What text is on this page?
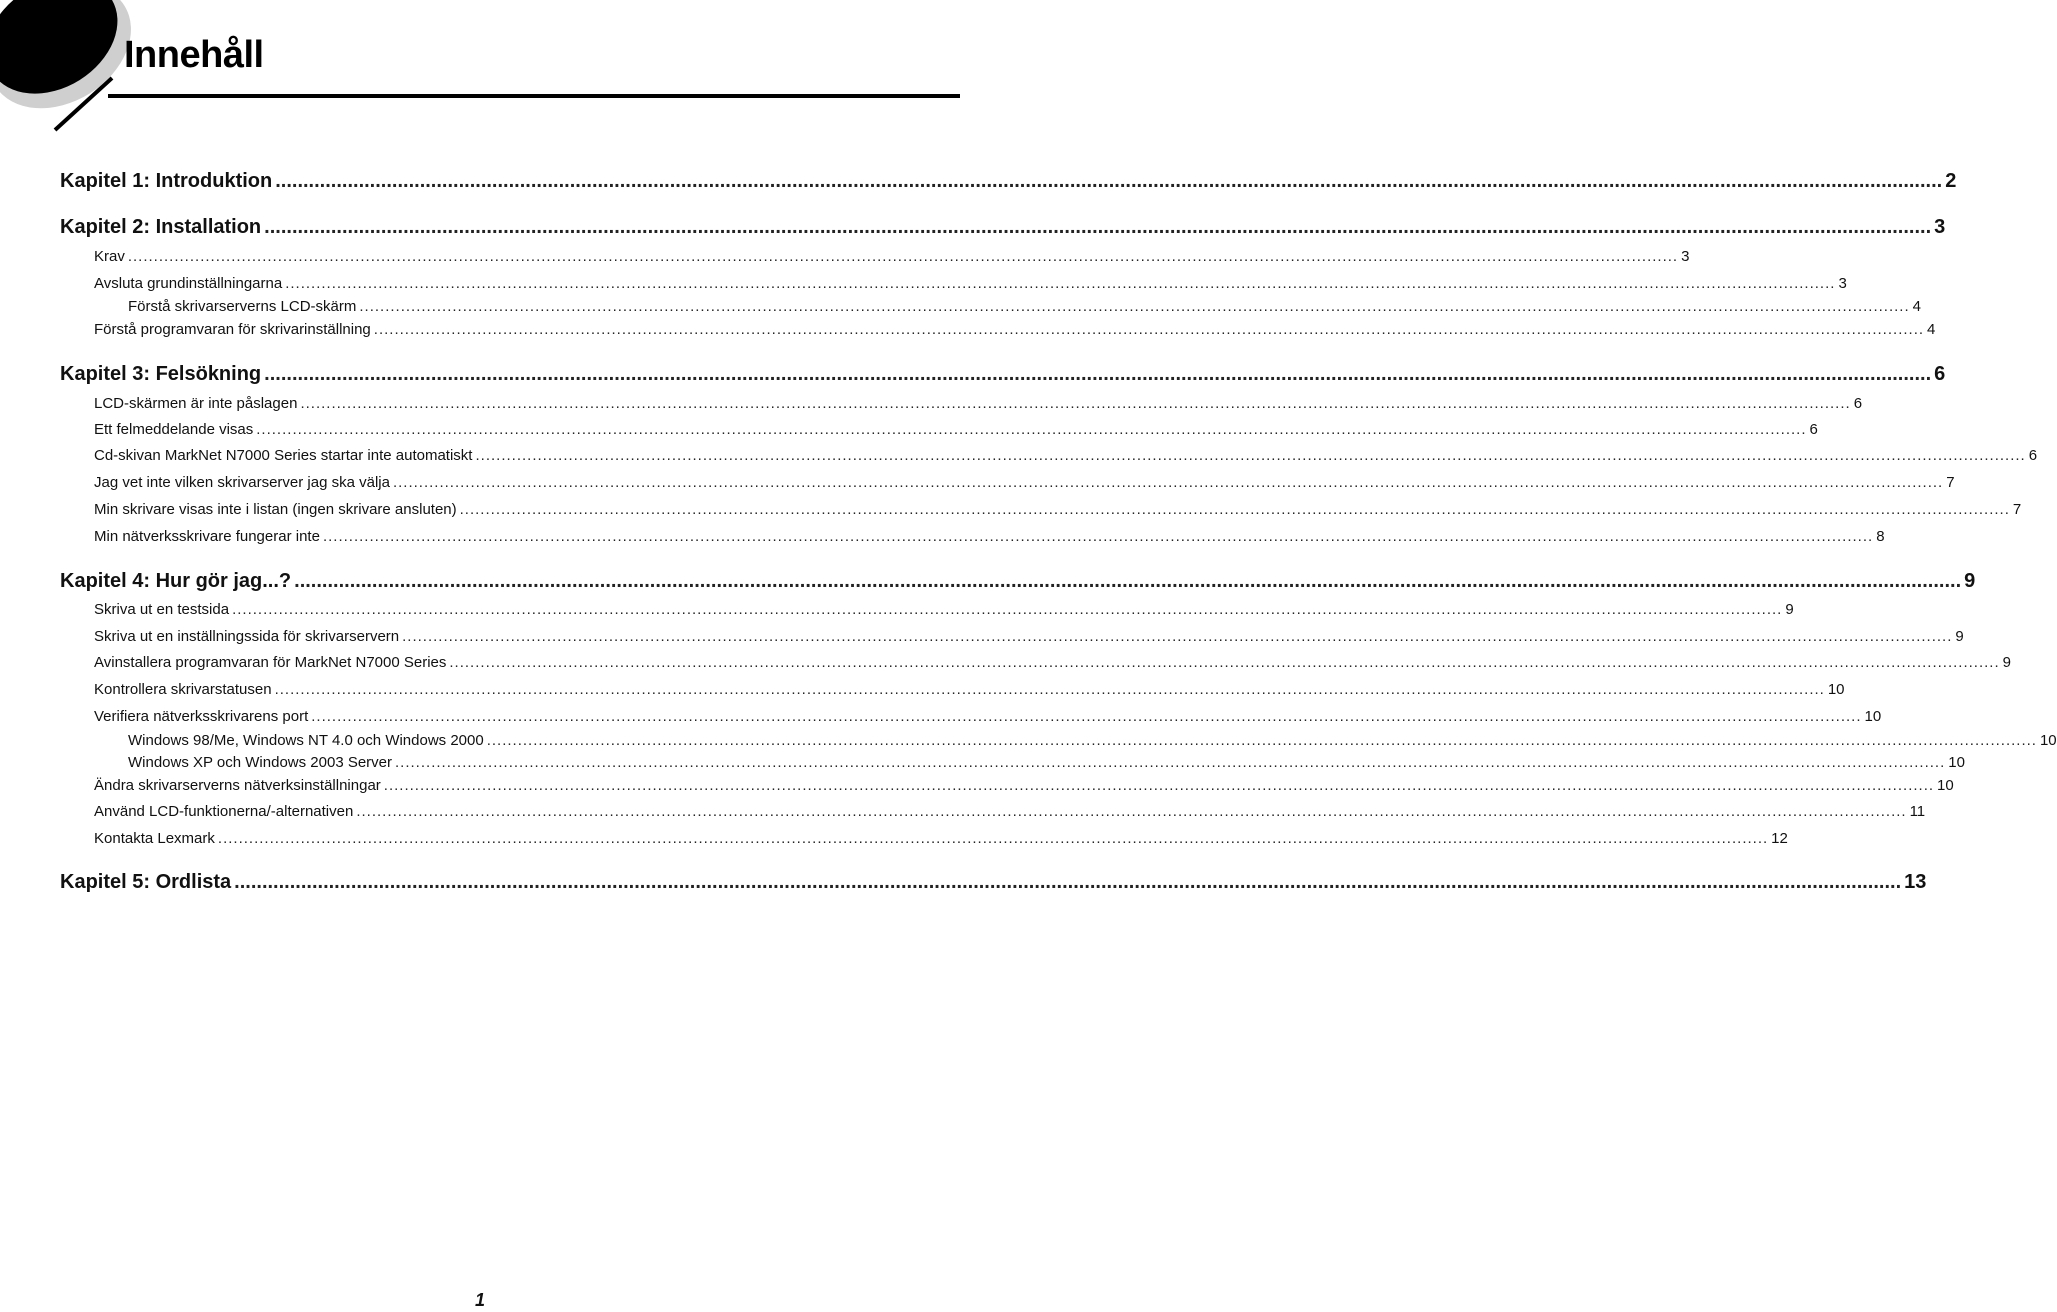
Innehåll
Kapitel 1: Introduktion ............................................................................................................................................................................................................................................................................................................ 2
Kapitel 2: Installation ............................................................................................................................................................................................................................................................................................................ 3
Krav ............................................................................................................................................................................................................................................................................................................ 3
Avsluta grundinställningarna ............................................................................................................................................................................................................................................................................................................ 3
Förstå skrivarserverns LCD-skärm ............................................................................................................................................................................................................................................................................................................ 4
Förstå programvaran för skrivarinställning ............................................................................................................................................................................................................................................................................................................ 4
Kapitel 3: Felsökning ............................................................................................................................................................................................................................................................................................................ 6
LCD-skärmen är inte påslagen ............................................................................................................................................................................................................................................................................................................ 6
Ett felmeddelande visas ............................................................................................................................................................................................................................................................................................................ 6
Cd-skivan MarkNet N7000 Series startar inte automatiskt ............................................................................................................................................................................................................................................................................................................ 6
Jag vet inte vilken skrivarserver jag ska välja ............................................................................................................................................................................................................................................................................................................ 7
Min skrivare visas inte i listan (ingen skrivare ansluten) ............................................................................................................................................................................................................................................................................................................ 7
Min nätverksskrivare fungerar inte ............................................................................................................................................................................................................................................................................................................ 8
Kapitel 4: Hur gör jag...? ............................................................................................................................................................................................................................................................................................................ 9
Skriva ut en testsida ............................................................................................................................................................................................................................................................................................................ 9
Skriva ut en inställningssida för skrivarservern ............................................................................................................................................................................................................................................................................................................ 9
Avinstallera programvaran för MarkNet N7000 Series ............................................................................................................................................................................................................................................................................................................ 9
Kontrollera skrivarstatusen ............................................................................................................................................................................................................................................................................................................ 10
Verifiera nätverksskrivarens port ............................................................................................................................................................................................................................................................................................................ 10
Windows 98/Me, Windows NT 4.0 och Windows 2000 ............................................................................................................................................................................................................................................................................................................ 10
Windows XP och Windows 2003 Server ............................................................................................................................................................................................................................................................................................................ 10
Ändra skrivarserverns nätverksinställningar ............................................................................................................................................................................................................................................................................................................ 10
Använd LCD-funktionerna/-alternativen ............................................................................................................................................................................................................................................................................................................ 11
Kontakta Lexmark ............................................................................................................................................................................................................................................................................................................ 12
Kapitel 5: Ordlista ............................................................................................................................................................................................................................................................................................................ 13
1
